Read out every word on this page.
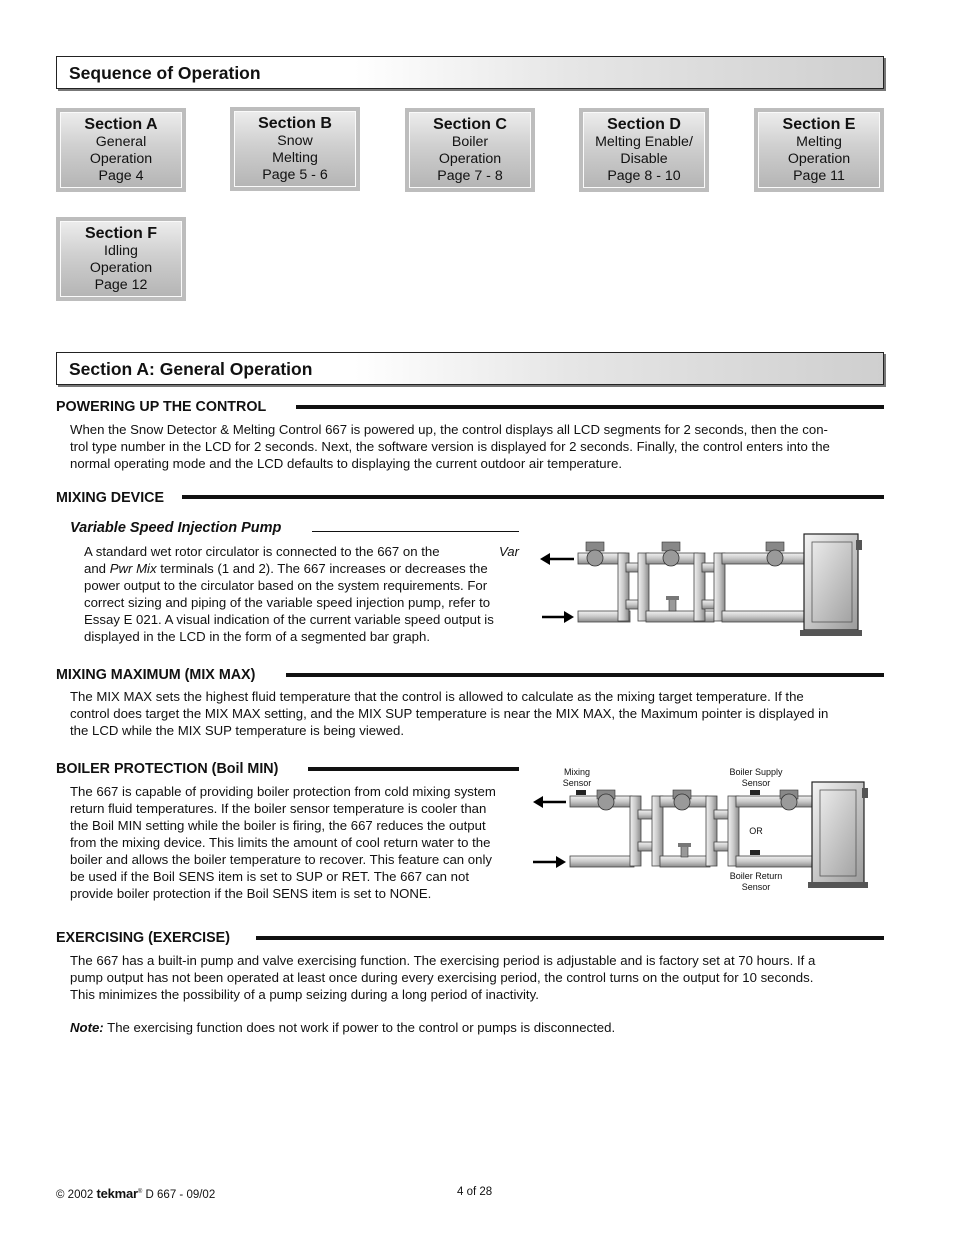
Sequence of Operation
Section A
General
Operation
Page 4
Section B
Snow
Melting
Page 5 - 6
Section C
Boiler
Operation
Page 7 - 8
Section D
Melting Enable/
Disable
Page 8 - 10
Section E
Melting
Operation
Page 11
Section F
Idling
Operation
Page 12
Section A: General Operation
POWERING UP THE CONTROL
When the Snow Detector & Melting Control 667 is powered up, the control displays all LCD segments for 2 seconds, then the con-
trol type number in the LCD for 2 seconds. Next, the software version is displayed for 2 seconds. Finally, the control enters into the
normal operating mode and the LCD defaults to displaying the current outdoor air temperature.
MIXING DEVICE
Variable Speed Injection Pump
A standard wet rotor circulator is connected to the 667 on the	Var
and Pwr Mix terminals (1 and 2). The 667 increases or decreases the
power output to the circulator based on the system requirements. For
correct sizing and piping of the variable speed injection pump, refer to
Essay E 021. A visual indication of the current variable speed output is
displayed in the LCD in the form of a segmented bar graph.
MIXING MAXIMUM (MIX MAX)
The MIX MAX sets the highest fluid temperature that the control is allowed to calculate as the mixing target temperature. If the
control does target the MIX MAX setting, and the MIX SUP temperature is near the MIX MAX, the Maximum pointer is displayed in
the LCD while the MIX SUP temperature is being viewed.
BOILER PROTECTION (Boil MIN)
The 667 is capable of providing boiler protection from cold mixing system
return fluid temperatures. If the boiler sensor temperature is cooler than
the Boil MIN setting while the boiler is firing, the 667 reduces the output
from the mixing device. This limits the amount of cool return water to the
boiler and allows the boiler temperature to recover. This feature can only
be used if the Boil SENS item is set to SUP or RET. The 667 can not
provide boiler protection if the Boil SENS item is set to NONE.
Mixing
Sensor
Boiler Supply
Sensor
OR
Boiler Return
Sensor
EXERCISING (EXERCISE)
The 667 has a built-in pump and valve exercising function. The exercising period is adjustable and is factory set at 70 hours. If a
pump output has not been operated at least once during every exercising period, the control turns on the output for 10 seconds.
This minimizes the possibility of a pump seizing during a long period of inactivity.
Note: The exercising function does not work if power to the control or pumps is disconnected.
© 2002 tekmar® D 667 - 09/02	4 of 28
